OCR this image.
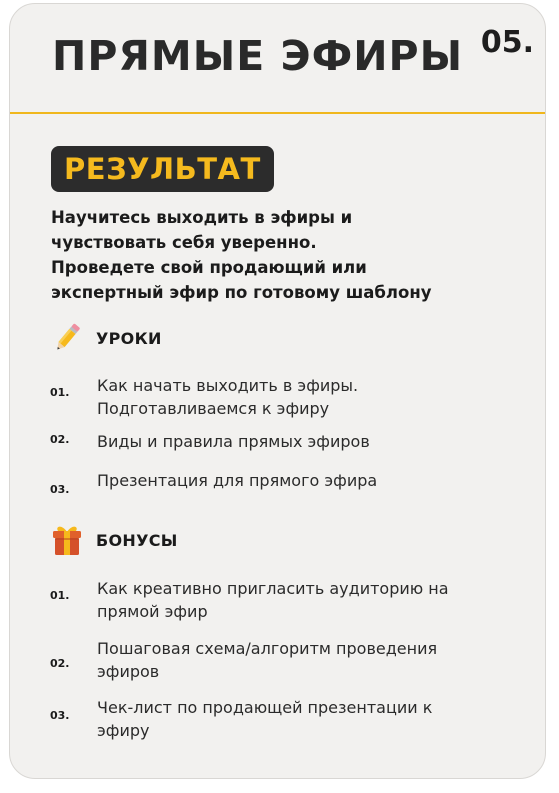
ПРЯМЫЕ ЭФИРЫ 05.
РЕЗУЛЬТАТ

Научитесь выходить в эфиры и
чувствовать себя уверенно.
Проведете свой продающий или
экспертный эфир по готовому шаблону

УРОКИ
01. Как начать выходить в эфиры.
Подготавливаемся к эфиру
02. Виды и правила прямых эфиров
03. Презентация для прямого эфира
БОНУСЫ
01. Как креативно пригласить аудиторию на
прямой эфир
02.
Пошаговая схема/алгоритм проведения
эфиров
03. Чек-лист по продающей презентации к
эфиру
